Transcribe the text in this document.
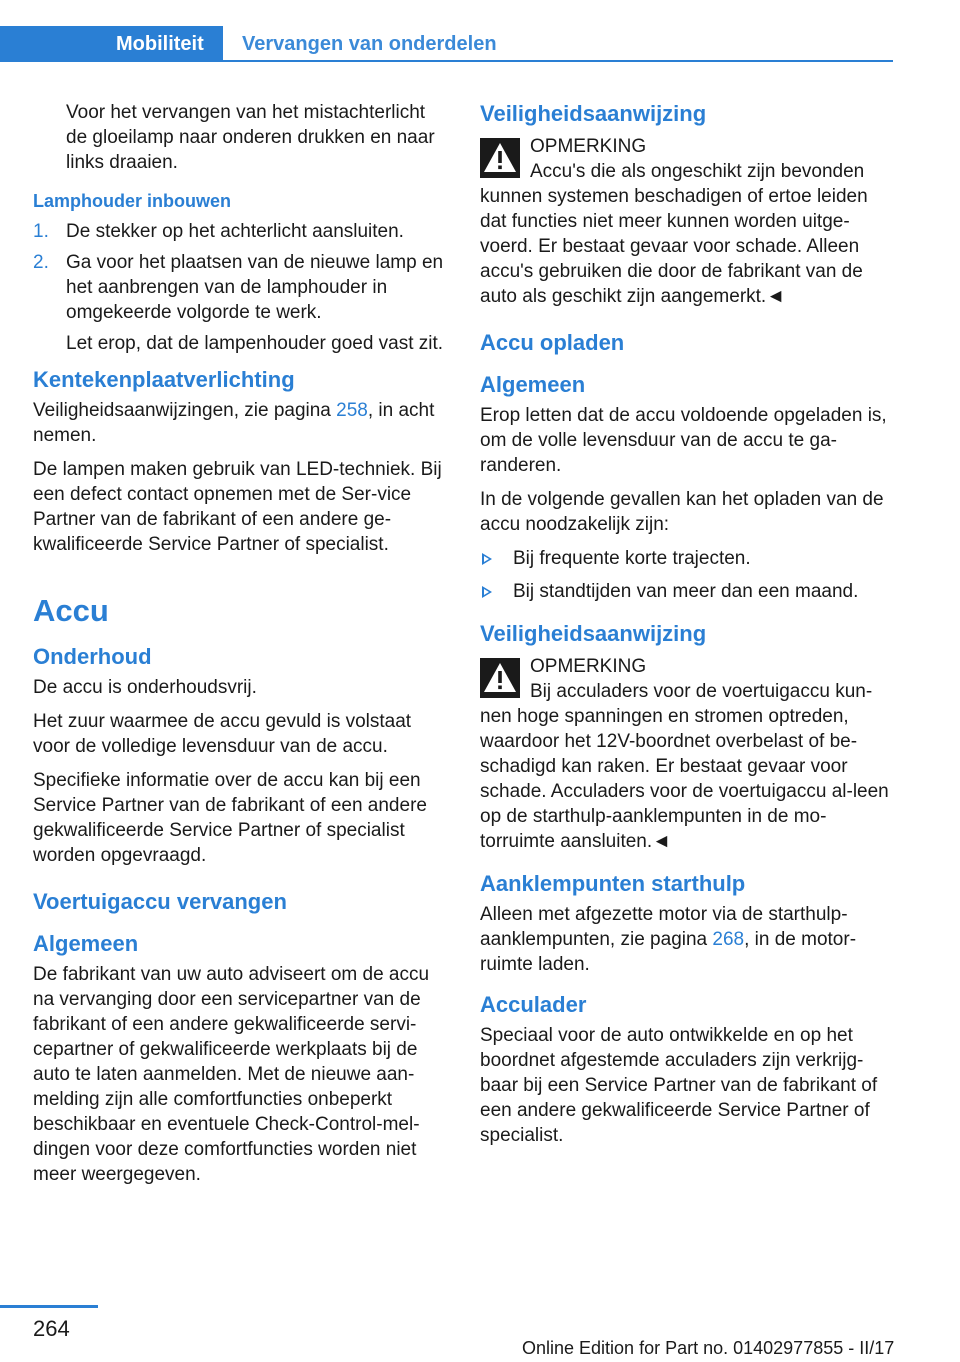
Mobiliteit	Vervangen van onderdelen

Voor het vervangen van het mistachterlicht de gloeilamp naar onderen drukken en naar links draaien.

Lamphouder inbouwen
1. De stekker op het achterlicht aansluiten.
2. Ga voor het plaatsen van de nieuwe lamp en het aanbrengen van de lamphouder in omgekeerde volgorde te werk.

Let erop, dat de lampenhouder goed vast zit.

Kentekenplaatverlichting

Veiligheidsaanwijzingen, zie pagina 258, in acht nemen.

De lampen maken gebruik van LED-techniek. Bij een defect contact opnemen met de Ser-vice Partner van de fabrikant of een andere ge-kwalificeerde Service Partner of specialist.

Accu
Onderhoud

De accu is onderhoudsvrij.

Het zuur waarmee de accu gevuld is volstaat voor de volledige levensduur van de accu.

Specifieke informatie over de accu kan bij een Service Partner van de fabrikant of een andere gekwalificeerde Service Partner of specialist worden opgevraagd.

Voertuigaccu vervangen
Algemeen

De fabrikant van uw auto adviseert om de accu na vervanging door een servicepartner van de fabrikant of een andere gekwalificeerde servi-cepartner of gekwalificeerde werkplaats bij de auto te laten aanmelden. Met de nieuwe aan-melding zijn alle comfortfuncties onbeperkt beschikbaar en eventuele Check-Control-mel-dingen voor deze comfortfuncties worden niet meer weergegeven.

Veiligheidsaanwijzing
OPMERKING
Accu's die als ongeschikt zijn bevonden kunnen systemen beschadigen of ertoe leiden dat functies niet meer kunnen worden uitge-voerd. Er bestaat gevaar voor schade. Alleen accu's gebruiken die door de fabrikant van de auto als geschikt zijn aangemerkt.◄
Accu opladen
Algemeen

Erop letten dat de accu voldoende opgeladen is, om de volle levensduur van de accu te ga-randeren.

In de volgende gevallen kan het opladen van de accu noodzakelijk zijn:

Bij frequente korte trajecten.
Bij standtijden van meer dan een maand.
Veiligheidsaanwijzing
OPMERKING
Bij acculaders voor de voertuigaccu kun-nen hoge spanningen en stromen optreden, waardoor het 12V-boordnet overbelast of be-schadigd kan raken. Er bestaat gevaar voor schade. Acculaders voor de voertuigaccu al-leen op de starthulp-aanklempunten in de mo-torruimte aansluiten.◄
Aanklempunten starthulp

Alleen met afgezette motor via de starthulp-aanklempunten, zie pagina 268, in de motor-ruimte laden.

Acculader

Speciaal voor de auto ontwikkelde en op het boordnet afgestemde acculaders zijn verkrijg-baar bij een Service Partner van de fabrikant of een andere gekwalificeerde Service Partner of specialist.

264
Online Edition for Part no. 01402977855 - II/17
